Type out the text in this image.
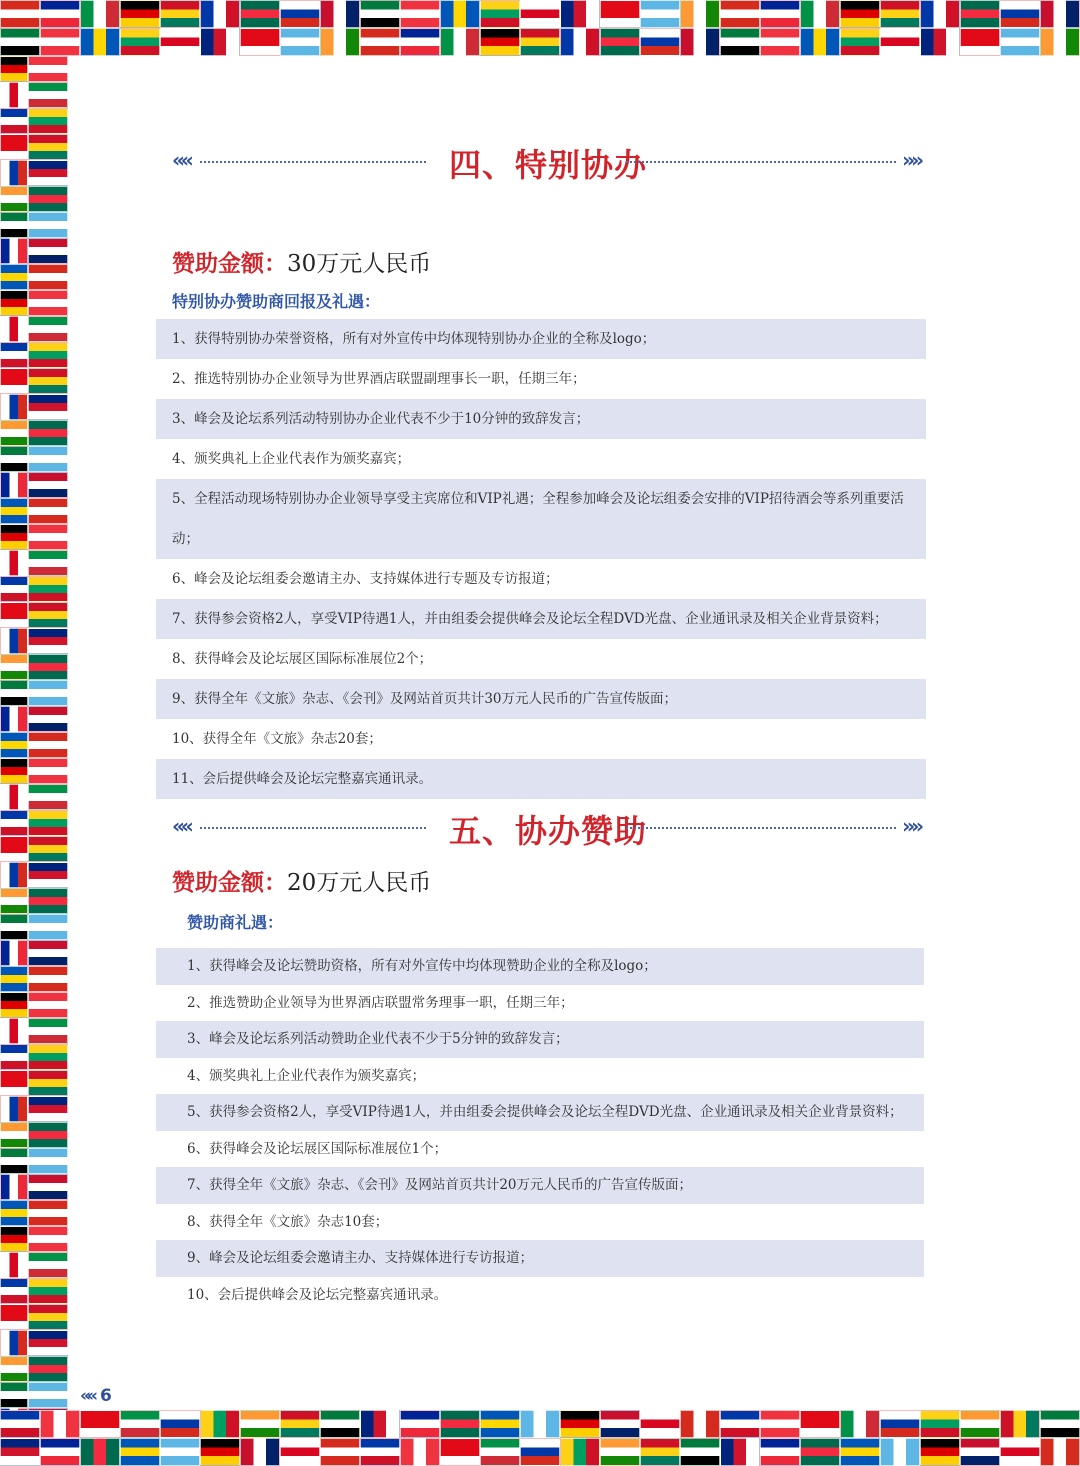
««	四、特别协办	»»
赞助金额：30万元人民币
特别协办赞助商回报及礼遇：
1、获得特别协办荣誉资格，所有对外宣传中均体现特别协办企业的全称及logo；
2、推选特别协办企业领导为世界酒店联盟副理事长一职，任期三年；
3、峰会及论坛系列活动特别协办企业代表不少于10分钟的致辞发言；
4、颁奖典礼上企业代表作为颁奖嘉宾；
5、全程活动现场特别协办企业领导享受主宾席位和VIP礼遇；全程参加峰会及论坛组委会安排的VIP招待酒会等系列重要活动；
6、峰会及论坛组委会邀请主办、支持媒体进行专题及专访报道；
7、获得参会资格2人，享受VIP待遇1人，并由组委会提供峰会及论坛全程DVD光盘、企业通讯录及相关企业背景资料；
8、获得峰会及论坛展区国际标准展位2个；
9、获得全年《文旅》杂志、《会刊》及网站首页共计30万元人民币的广告宣传版面；
10、获得全年《文旅》杂志20套；
11、会后提供峰会及论坛完整嘉宾通讯录。
««	五、协办赞助	»»
赞助金额：20万元人民币
赞助商礼遇：
1、获得峰会及论坛赞助资格，所有对外宣传中均体现赞助企业的全称及logo；
2、推选赞助企业领导为世界酒店联盟常务理事一职，任期三年；
3、峰会及论坛系列活动赞助企业代表不少于5分钟的致辞发言；
4、颁奖典礼上企业代表作为颁奖嘉宾；
5、获得参会资格2人，享受VIP待遇1人，并由组委会提供峰会及论坛全程DVD光盘、企业通讯录及相关企业背景资料；
6、获得峰会及论坛展区国际标准展位1个；
7、获得全年《文旅》杂志、《会刊》及网站首页共计20万元人民币的广告宣传版面；
8、获得全年《文旅》杂志10套；
9、峰会及论坛组委会邀请主办、支持媒体进行专访报道；
10、会后提供峰会及论坛完整嘉宾通讯录。
«« 6
